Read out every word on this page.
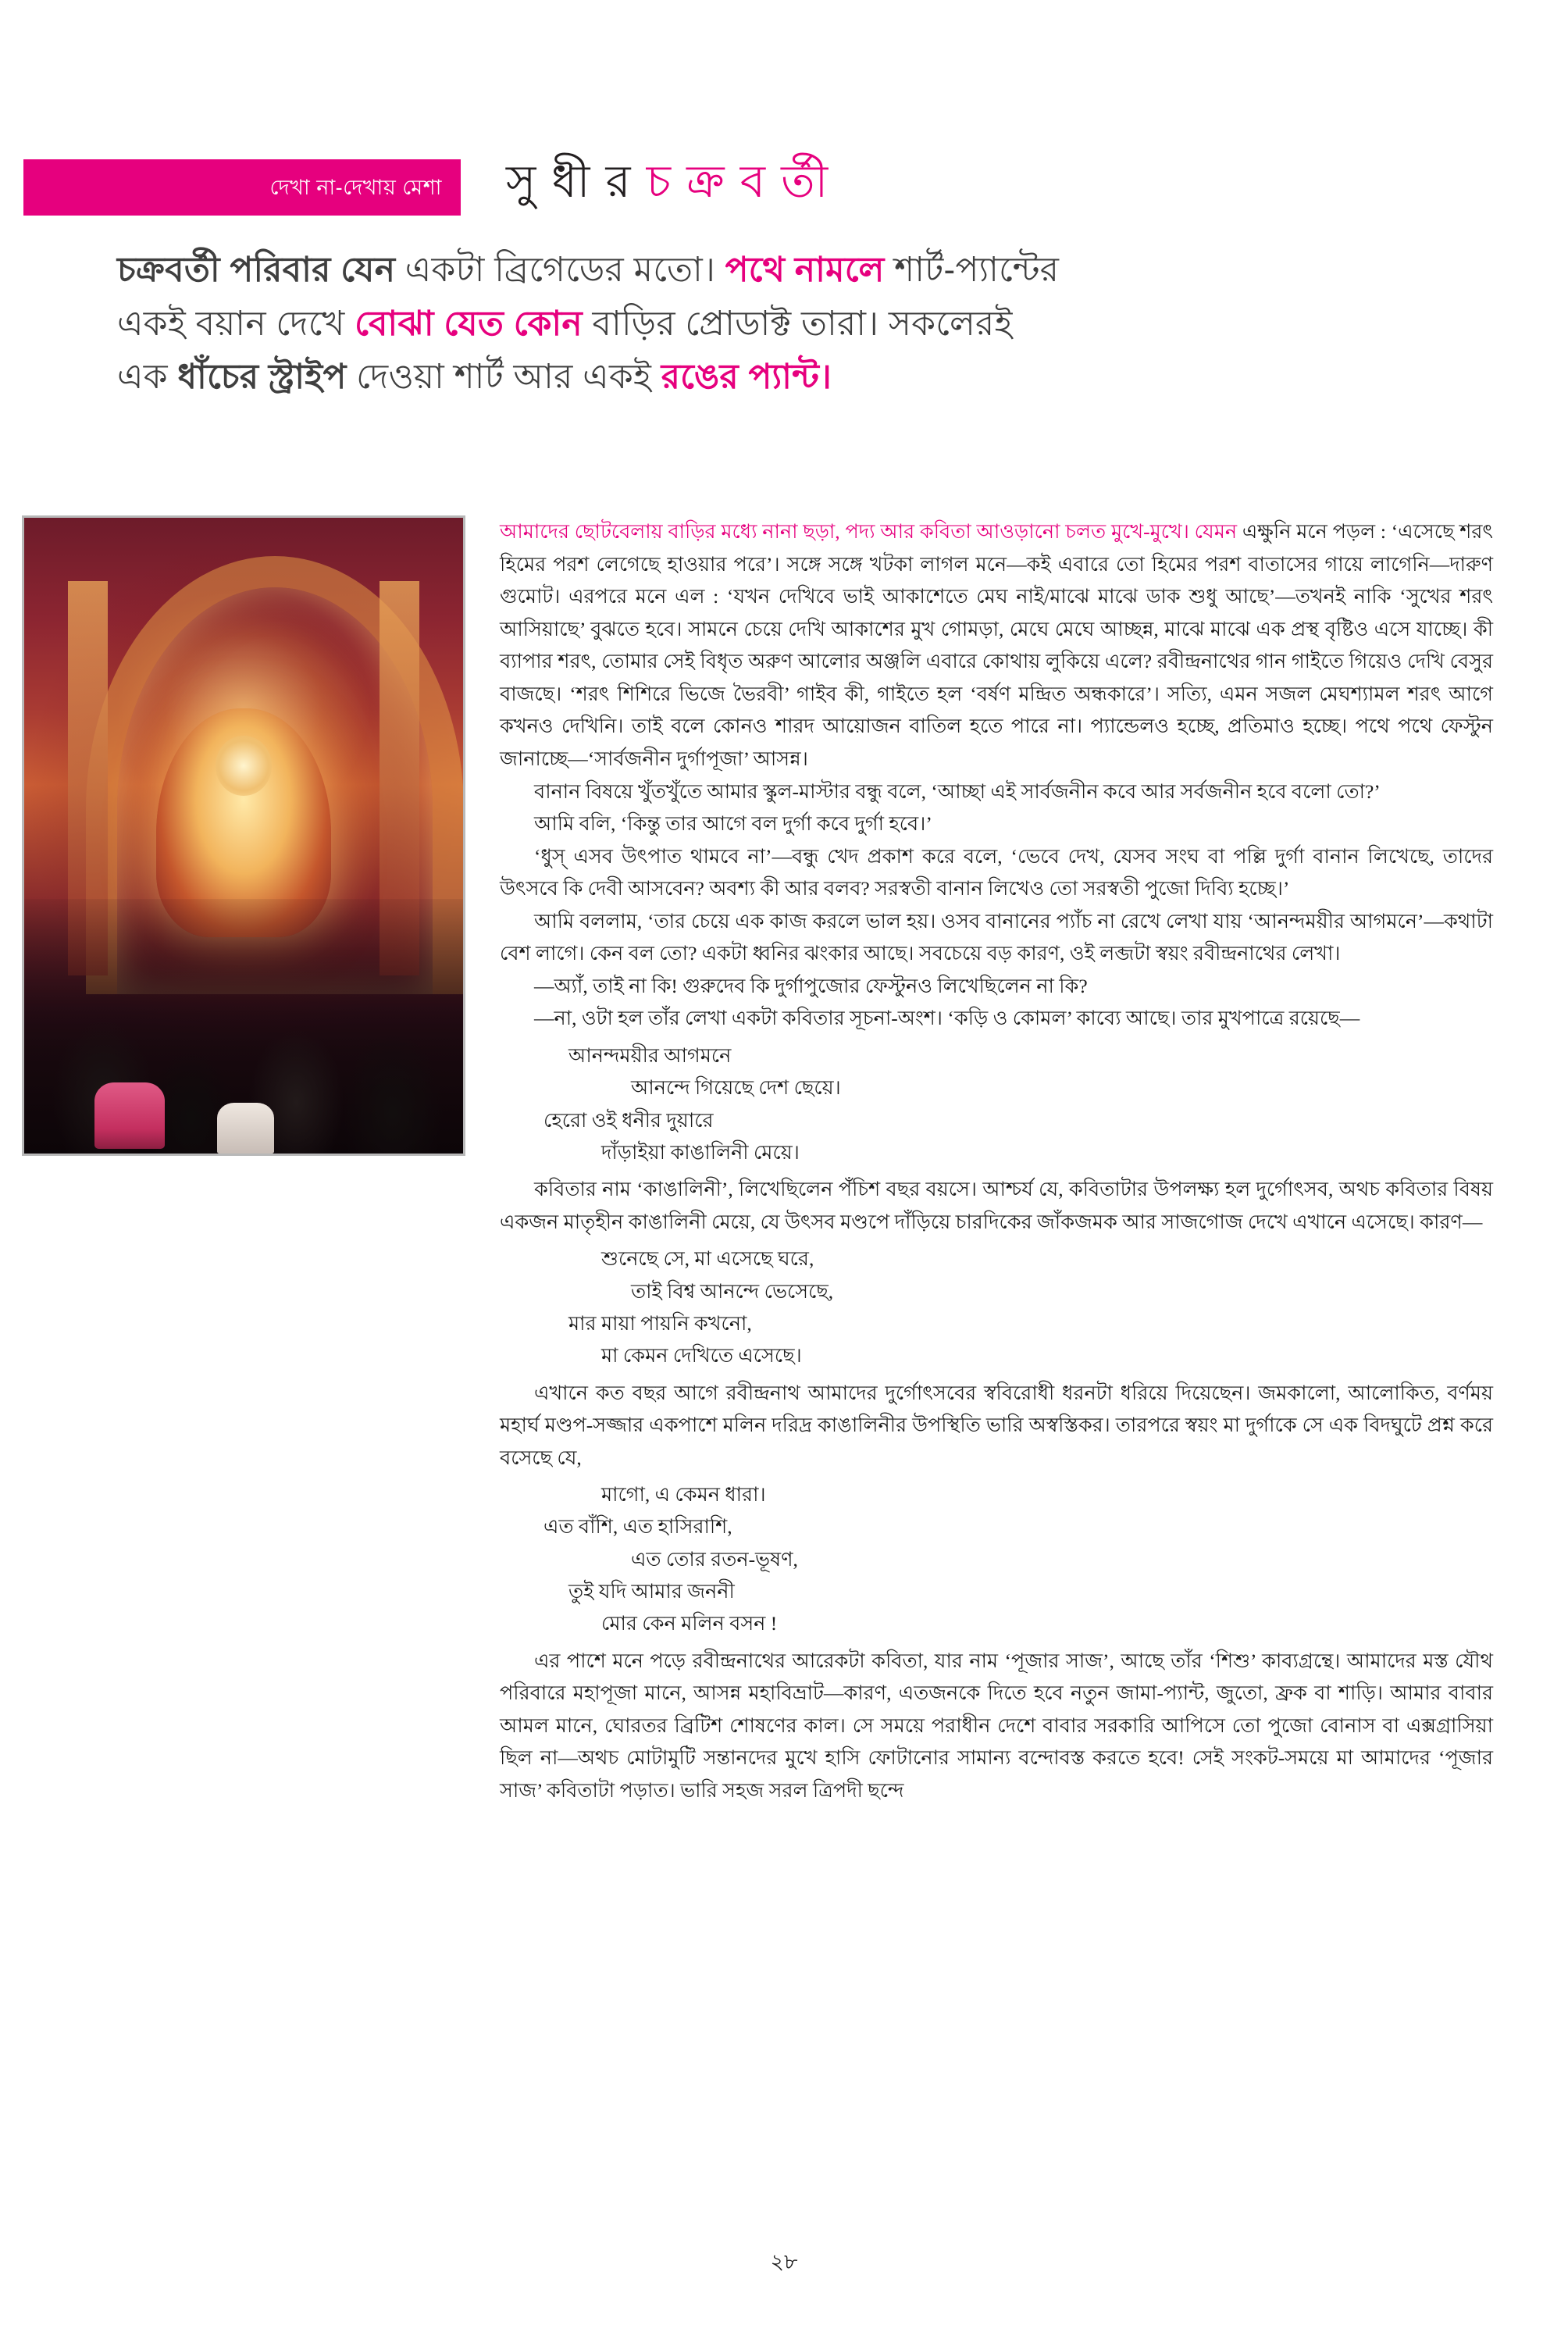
দেখা না-দেখায় মেশা	সু ধী র চ ক্র ব র্তী
চক্রবর্তী পরিবার যেন একটা ব্রিগেডের মতো। পথে নামলে শার্ট-প্যান্টের
একই বয়ান দেখে বোঝা যেত কোন বাড়ির প্রোডাক্ট তারা। সকলেরই
এক ধাঁচের স্ট্রাইপ দেওয়া শার্ট আর একই রঙের প্যান্ট।

আমাদের ছোটবেলায় বাড়ির মধ্যে নানা ছড়া, পদ্য আর কবিতা আওড়ানো চলত মুখে-মুখে। যেমন এক্ষুনি মনে পড়ল : ‘এসেছে শরৎ হিমের পরশ লেগেছে হাওয়ার পরে’। সঙ্গে সঙ্গে খটকা লাগল মনে—কই এবারে তো হিমের পরশ বাতাসের গায়ে লাগেনি—দারুণ গুমোট। এরপরে মনে এল : ‘যখন দেখিবে ভাই আকাশেতে মেঘ নাই/মাঝে মাঝে ডাক শুধু আছে’—তখনই নাকি ‘সুখের শরৎ আসিয়াছে’ বুঝতে হবে। সামনে চেয়ে দেখি আকাশের মুখ গোমড়া, মেঘে মেঘে আচ্ছন্ন, মাঝে মাঝে এক প্রস্থ বৃষ্টিও এসে যাচ্ছে। কী ব্যাপার শরৎ, তোমার সেই বিধৃত অরুণ আলোর অঞ্জলি এবারে কোথায় লুকিয়ে এলে? রবীন্দ্রনাথের গান গাইতে গিয়েও দেখি বেসুর বাজছে। ‘শরৎ শিশিরে ভিজে ভৈরবী’ গাইব কী, গাইতে হল ‘বর্ষণ মন্দ্রিত অন্ধকারে’। সত্যি, এমন সজল মেঘশ্যামল শরৎ আগে কখনও দেখিনি। তাই বলে কোনও শারদ আয়োজন বাতিল হতে পারে না। প্যান্ডেলও হচ্ছে, প্রতিমাও হচ্ছে। পথে পথে ফেস্টুন জানাচ্ছে—‘সার্বজনীন দুর্গাপূজা’ আসন্ন।

বানান বিষয়ে খুঁতখুঁতে আমার স্কুল-মাস্টার বন্ধু বলে, ‘আচ্ছা এই সার্বজনীন কবে আর সর্বজনীন হবে বলো তো?’

আমি বলি, ‘কিন্তু তার আগে বল দুর্গা কবে দুর্গা হবে।’

‘ধুস্ এসব উৎপাত থামবে না’—বন্ধু খেদ প্রকাশ করে বলে, ‘ভেবে দেখ, যেসব সংঘ বা পল্লি দুর্গা বানান লিখেছে, তাদের উৎসবে কি দেবী আসবেন? অবশ্য কী আর বলব? সরস্বতী বানান লিখেও তো সরস্বতী পুজো দিব্যি হচ্ছে।’

আমি বললাম, ‘তার চেয়ে এক কাজ করলে ভাল হয়। ওসব বানানের প্যাঁচ না রেখে লেখা যায় ‘আনন্দময়ীর আগমনে’—কথাটা বেশ লাগে। কেন বল তো? একটা ধ্বনির ঝংকার আছে। সবচেয়ে বড় কারণ, ওই লব্জটা স্বয়ং রবীন্দ্রনাথের লেখা।

—অ্যাঁ, তাই না কি! গুরুদেব কি দুর্গাপুজোর ফেস্টুনও লিখেছিলেন না কি?

—না, ওটা হল তাঁর লেখা একটা কবিতার সূচনা-অংশ। ‘কড়ি ও কোমল’ কাব্যে আছে। তার মুখপাত্রে রয়েছে—

আনন্দময়ীর আগমনে
আনন্দে গিয়েছে দেশ ছেয়ে।
হেরো ওই ধনীর দুয়ারে
দাঁড়াইয়া কাঙালিনী মেয়ে।

কবিতার নাম ‘কাঙালিনী’, লিখেছিলেন পঁচিশ বছর বয়সে। আশ্চর্য যে, কবিতাটার উপলক্ষ্য হল দুর্গোৎসব, অথচ কবিতার বিষয় একজন মাতৃহীন কাঙালিনী মেয়ে, যে উৎসব মণ্ডপে দাঁড়িয়ে চারদিকের জাঁকজমক আর সাজগোজ দেখে এখানে এসেছে। কারণ—

শুনেছে সে, মা এসেছে ঘরে,
তাই বিশ্ব আনন্দে ভেসেছে,
মার মায়া পায়নি কখনো,
মা কেমন দেখিতে এসেছে।

এখানে কত বছর আগে রবীন্দ্রনাথ আমাদের দুর্গোৎসবের স্ববিরোধী ধরনটা ধরিয়ে দিয়েছেন। জমকালো, আলোকিত, বর্ণময় মহার্ঘ মণ্ডপ-সজ্জার একপাশে মলিন দরিদ্র কাঙালিনীর উপস্থিতি ভারি অস্বস্তিকর। তারপরে স্বয়ং মা দুর্গাকে সে এক বিদঘুটে প্রশ্ন করে বসেছে যে,

মাগো, এ কেমন ধারা।
এত বাঁশি, এত হাসিরাশি,
এত তোর রতন-ভূষণ,
তুই যদি আমার জননী
মোর কেন মলিন বসন !

এর পাশে মনে পড়ে রবীন্দ্রনাথের আরেকটা কবিতা, যার নাম ‘পূজার সাজ’, আছে তাঁর ‘শিশু’ কাব্যগ্রন্থে। আমাদের মস্ত যৌথ পরিবারে মহাপূজা মানে, আসন্ন মহাবিভ্রাট—কারণ, এতজনকে দিতে হবে নতুন জামা-প্যান্ট, জুতো, ফ্রক বা শাড়ি। আমার বাবার আমল মানে, ঘোরতর ব্রিটিশ শোষণের কাল। সে সময়ে পরাধীন দেশে বাবার সরকারি আপিসে তো পুজো বোনাস বা এক্সগ্রাসিয়া ছিল না—অথচ মোটামুটি সন্তানদের মুখে হাসি ফোটানোর সামান্য বন্দোবস্ত করতে হবে! সেই সংকট-সময়ে মা আমাদের ‘পূজার সাজ’ কবিতাটা পড়াত। ভারি সহজ সরল ত্রিপদী ছন্দে

২৮
